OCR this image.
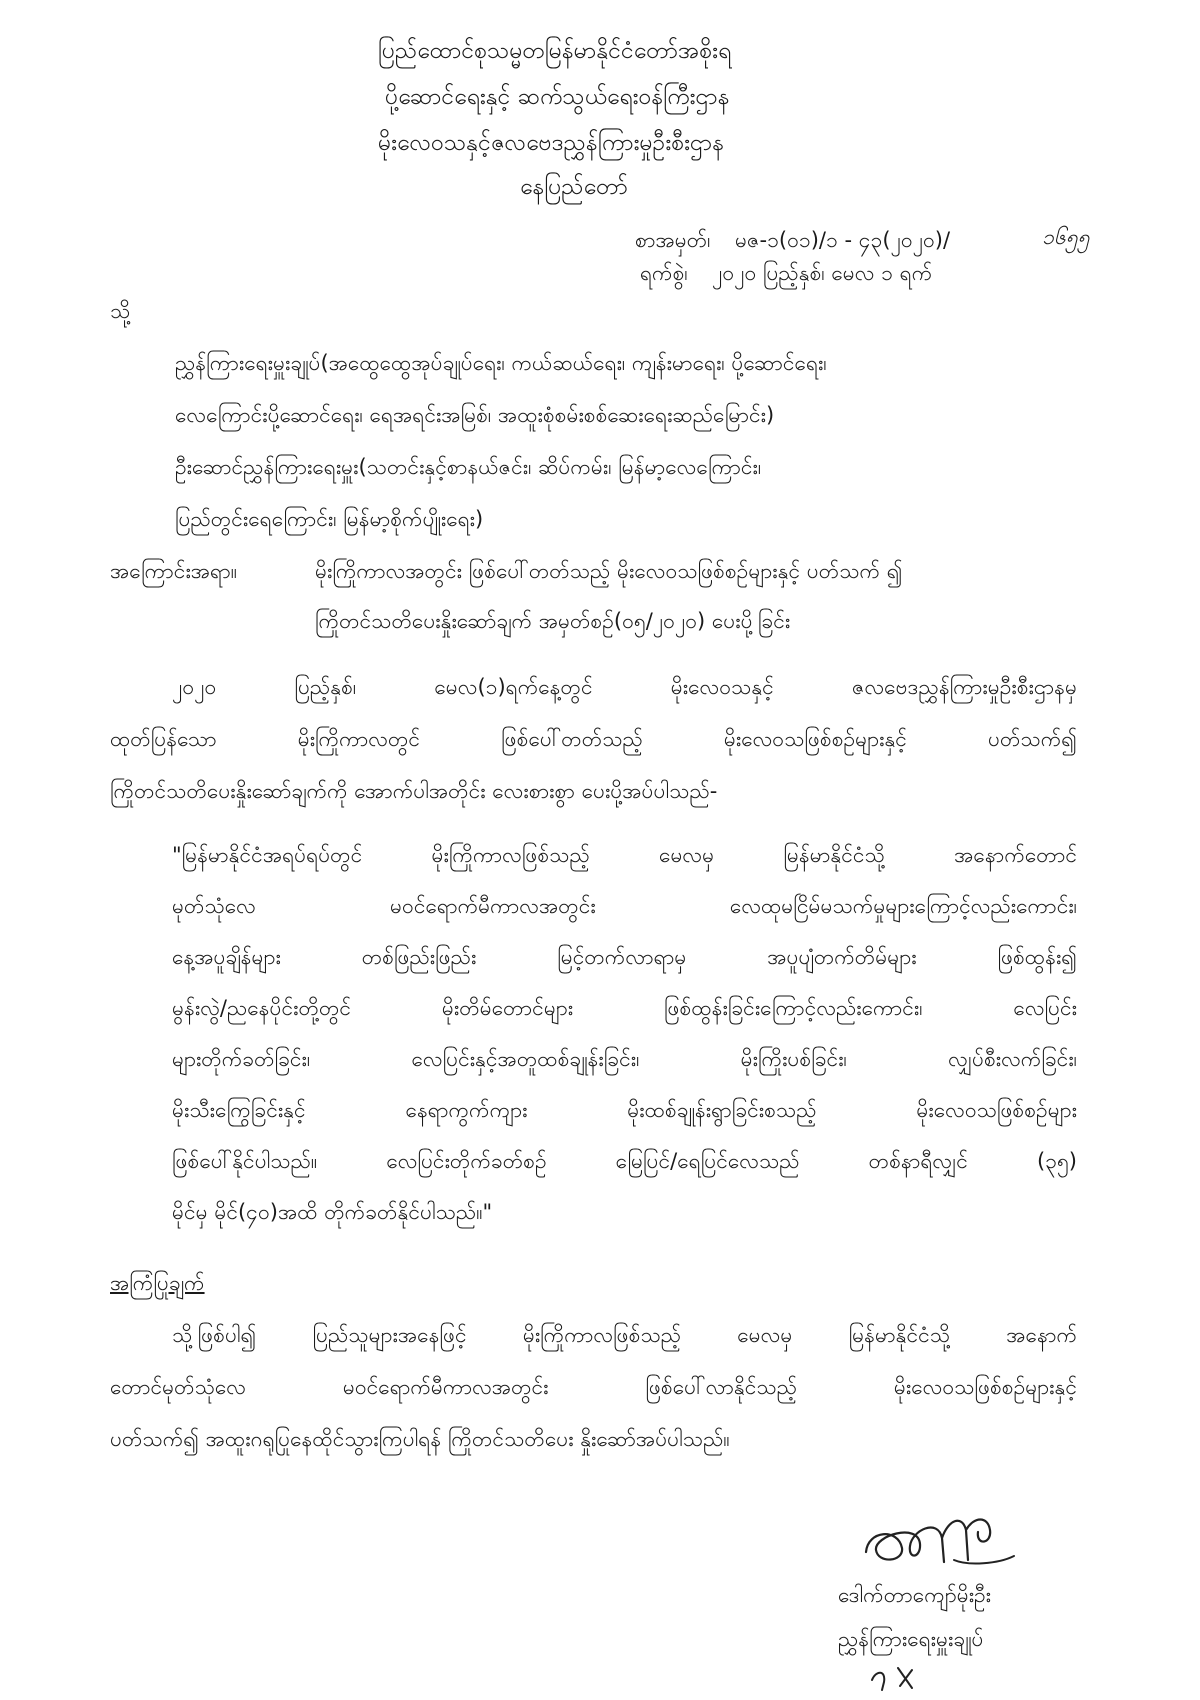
ပြည်ထောင်စုသမ္မတမြန်မာနိုင်ငံတော်အစိုးရ
ပို့ဆောင်ရေးနှင့် ဆက်သွယ်ရေးဝန်ကြီးဌာန
မိုးလေဝသနှင့်ဇလဗေဒညွှန်ကြားမှုဦးစီးဌာန
နေပြည်တော်
စာအမှတ်၊ မဇ-၁(၀၁)/၁ - ၄၃(၂၀၂၀)/	၁၆၅၅
ရက်စွဲ၊ ၂၀၂၀ ပြည့်နှစ်၊ မေလ ၁ ရက်
သို့
ညွှန်ကြားရေးမှူးချုပ်(အထွေထွေအုပ်ချုပ်ရေး၊ ကယ်ဆယ်ရေး၊ ကျန်းမာရေး၊ ပို့ဆောင်ရေး၊
လေကြောင်းပို့ဆောင်ရေး၊ ရေအရင်းအမြစ်၊ အထူးစုံစမ်းစစ်ဆေးရေးဆည်မြောင်း)
ဦးဆောင်ညွှန်ကြားရေးမှူး(သတင်းနှင့်စာနယ်ဇင်း၊ ဆိပ်ကမ်း၊ မြန်မာ့လေကြောင်း၊
ပြည်တွင်းရေကြောင်း၊ မြန်မာ့စိုက်ပျိုးရေး)
အကြောင်းအရာ။	မိုးကြိုကာလအတွင်း ဖြစ်ပေါ်တတ်သည့် မိုးလေဝသဖြစ်စဉ်များနှင့် ပတ်သက် ၍
ကြိုတင်သတိပေးနှိုးဆော်ချက် အမှတ်စဉ်(၀၅/၂၀၂၀) ပေးပို့ခြင်း
၂၀၂၀ ပြည့်နှစ်၊ မေလ(၁)ရက်နေ့တွင် မိုးလေဝသနှင့် ဇလဗေဒညွှန်ကြားမှုဦးစီးဌာနမှ
ထုတ်ပြန်သော မိုးကြိုကာလတွင် ဖြစ်ပေါ်တတ်သည့် မိုးလေဝသဖြစ်စဉ်များနှင့် ပတ်သက်၍
ကြိုတင်သတိပေးနှိုးဆော်ချက်ကို အောက်ပါအတိုင်း လေးစားစွာ ပေးပို့အပ်ပါသည်-
"မြန်မာနိုင်ငံအရပ်ရပ်တွင် မိုးကြိုကာလဖြစ်သည့် မေလမှ မြန်မာနိုင်ငံသို့ အနောက်တောင်
မုတ်သုံလေ မဝင်ရောက်မီကာလအတွင်း လေထုမငြိမ်မသက်မှုများကြောင့်လည်းကောင်း၊
နေ့အပူချိန်များ တစ်ဖြည်းဖြည်း မြင့်တက်လာရာမှ အပူပျံတက်တိမ်များ ဖြစ်ထွန်း၍
မွန်းလွဲ/ညနေပိုင်းတို့တွင် မိုးတိမ်တောင်များ ဖြစ်ထွန်းခြင်းကြောင့်လည်းကောင်း၊ လေပြင်း
များတိုက်ခတ်ခြင်း၊ လေပြင်းနှင့်အတူထစ်ချုန်းခြင်း၊ မိုးကြိုးပစ်ခြင်း၊ လျှပ်စီးလက်ခြင်း၊
မိုးသီးကြွေခြင်းနှင့် နေရာကွက်ကျား မိုးထစ်ချုန်းရွာခြင်းစသည့် မိုးလေဝသဖြစ်စဉ်များ
ဖြစ်ပေါ်နိုင်ပါသည်။ လေပြင်းတိုက်ခတ်စဉ် မြေပြင်/ရေပြင်လေသည် တစ်နာရီလျှင် (၃၅)
မိုင်မှ မိုင်(၄၀)အထိ တိုက်ခတ်နိုင်ပါသည်။"
အကြံပြုချက်
သို့ဖြစ်ပါ၍ ပြည်သူများအနေဖြင့် မိုးကြိုကာလဖြစ်သည့် မေလမှ မြန်မာနိုင်ငံသို့ အနောက်
တောင်မုတ်သုံလေ မဝင်ရောက်မီကာလအတွင်း ဖြစ်ပေါ်လာနိုင်သည့် မိုးလေဝသဖြစ်စဉ်များနှင့်
ပတ်သက်၍ အထူးဂရုပြုနေထိုင်သွားကြပါရန် ကြိုတင်သတိပေး နှိုးဆော်အပ်ပါသည်။
ဒေါက်တာကျော်မိုးဦး
ညွှန်ကြားရေးမှူးချုပ်
